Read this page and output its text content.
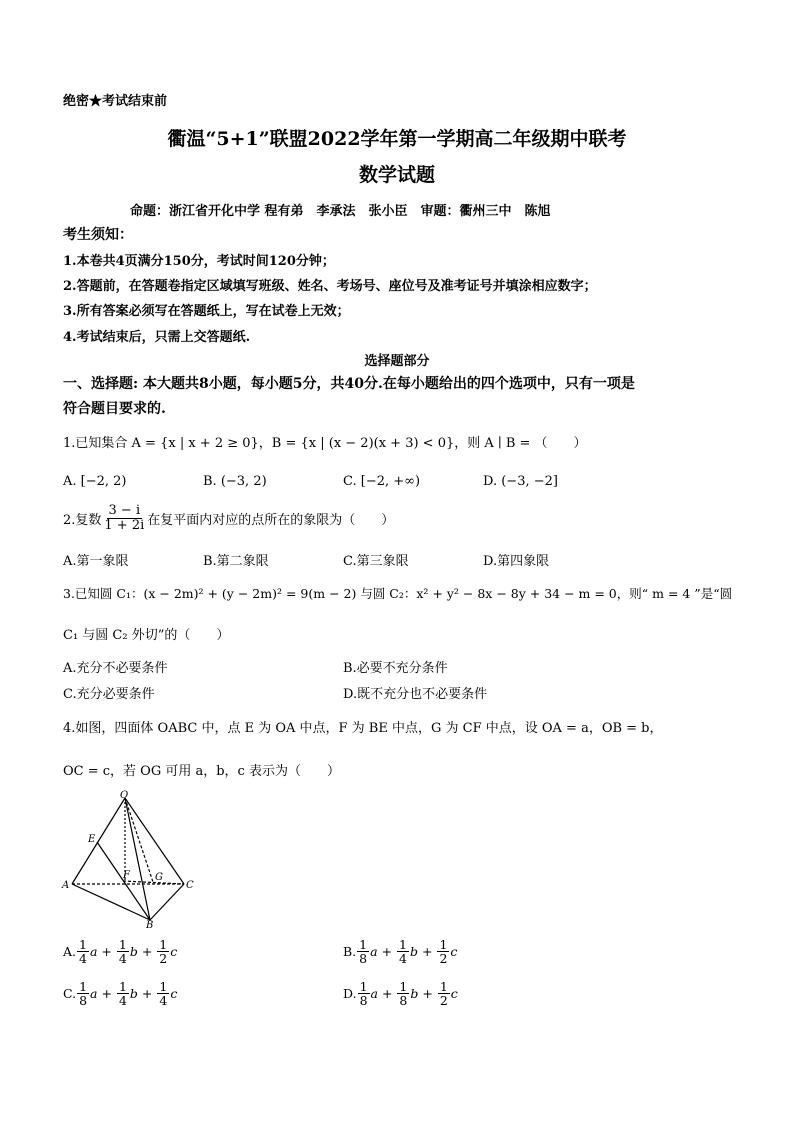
绝密★考试结束前
衢温“5+1”联盟2022学年第一学期高二年级期中联考
数学试题
命题：浙江省开化中学 程有弟　李承法　张小臣　审题：衢州三中　陈旭
考生须知：
1.本卷共4页满分150分，考试时间120分钟；
2.答题前，在答题卷指定区域填写班级、姓名、考场号、座位号及准考证号并填涂相应数字；
3.所有答案必须写在答题纸上，写在试卷上无效；
4.考试结束后，只需上交答题纸.
选择题部分
一、选择题: 本大题共8小题，每小题5分，共40分.在每小题给出的四个选项中，只有一项是
符合题目要求的.
1.已知集合 A = {x | x + 2 ≥ 0}，B = {x | (x − 2)(x + 3) < 0}，则 A ∣ B = （　　）
A. [−2, 2)	B. (−3, 2)	C. [−2, +∞)	D. (−3, −2]
2.复数 $\frac{3 - i}{1 + 2i}$ 在复平面内对应的点所在的象限为（　　）
A.第一象限	B.第二象限	C.第三象限	D.第四象限
3.已知圆 C₁：(x − 2m)² + (y − 2m)² = 9(m − 2) 与圆 C₂：x² + y² − 8x − 8y + 34 − m = 0，则“ m = 4 ”是“圆
C₁ 与圆 C₂ 外切”的（　　）
A.充分不必要条件	B.必要不充分条件
C.充分必要条件	D.既不充分也不必要条件
4.如图，四面体 OABC 中，点 E 为 OA 中点，F 为 BE 中点，G 为 CF 中点，设 OA = a，OB = b，
OC = c，若 OG 可用 a，b，c 表示为（　　）
O
E
A
F	G
C
B
A. $\frac{1}{4}$ a
+
$\frac{1}{4}$ b
+
$\frac{1}{2}$ c	B. $\frac{1}{8}$ a
+
$\frac{1}{4}$ b
+
$\frac{1}{2}$ c
C. $\frac{1}{8}$ a
+
$\frac{1}{4}$ b
+
$\frac{1}{4}$ c	D. $\frac{1}{8}$ a
+
$\frac{1}{8}$ b
+
$\frac{1}{2}$ c
